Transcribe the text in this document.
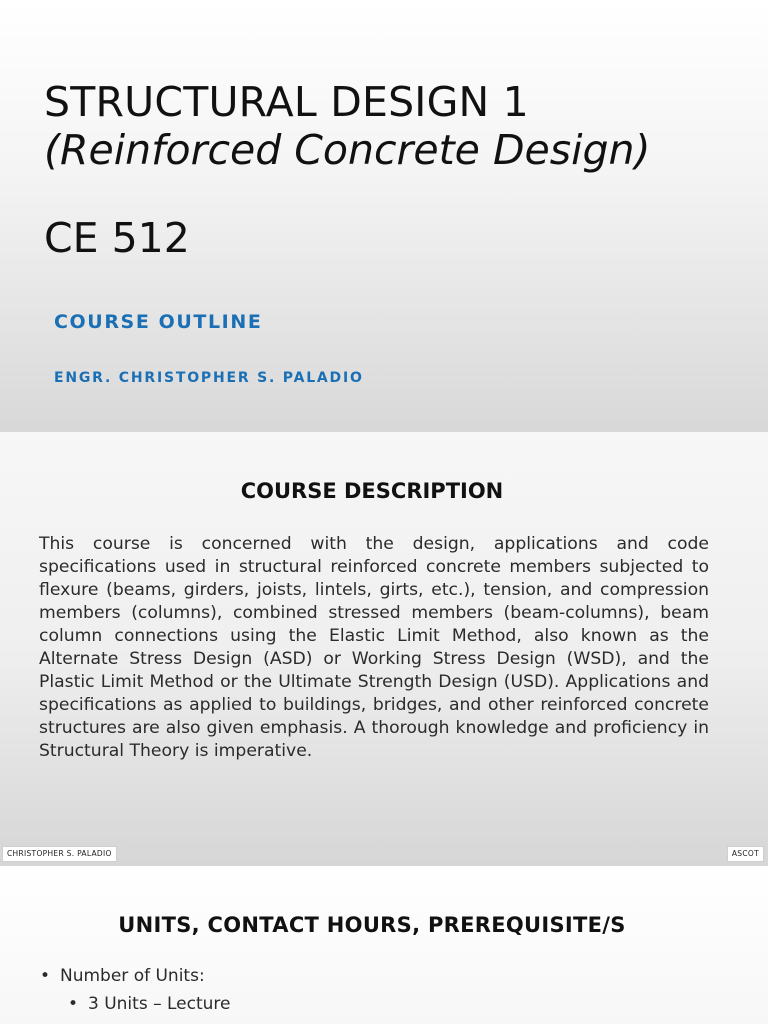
STRUCTURAL DESIGN 1
(Reinforced Concrete Design)
CE 512
COURSE OUTLINE
ENGR. CHRISTOPHER S. PALADIO
COURSE DESCRIPTION
This course is concerned with the design, applications and code specifications used in structural reinforced concrete members subjected to flexure (beams, girders, joists, lintels, girts, etc.), tension, and compression members (columns), combined stressed members (beam-columns), beam column connections using the Elastic Limit Method, also known as the Alternate Stress Design (ASD) or Working Stress Design (WSD), and the Plastic Limit Method or the Ultimate Strength Design (USD). Applications and specifications as applied to buildings, bridges, and other reinforced concrete structures are also given emphasis. A thorough knowledge and proficiency in Structural Theory is imperative.
CHRISTOPHER S. PALADIO	ASCOT
UNITS, CONTACT HOURS, PREREQUISITE/S
• Number of Units:
• 3 Units – Lecture
